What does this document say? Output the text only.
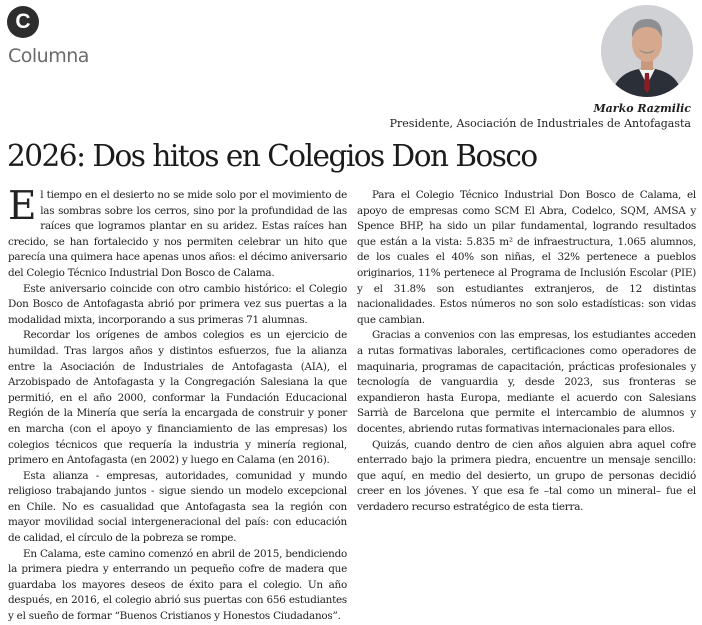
C
Columna
Marko Razmilic
Presidente, Asociación de Industriales de Antofagasta
2026: Dos hitos en Colegios Don Bosco

El tiempo en el desierto no se mide solo por el movimiento de las sombras sobre los cerros, sino por la profundidad de las raíces que logramos plantar en su aridez. Estas raíces han crecido, se han fortalecido y nos permiten celebrar un hito que parecía una quimera hace apenas unos años: el décimo aniversario del Colegio Técnico Industrial Don Bosco de Calama.

Este aniversario coincide con otro cambio histórico: el Colegio Don Bosco de Antofagasta abrió por primera vez sus puertas a la modalidad mixta, incorporando a sus primeras 71 alumnas.

Recordar los orígenes de ambos colegios es un ejercicio de humildad. Tras largos años y distintos esfuerzos, fue la alianza entre la Asociación de Industriales de Antofagasta (AIA), el Arzobispado de Antofagasta y la Congregación Salesiana la que permitió, en el año 2000, conformar la Fundación Educacional Región de la Minería que sería la encargada de construir y poner en marcha (con el apoyo y financiamiento de las empresas) los colegios técnicos que requería la industria y minería regional, primero en Antofagasta (en 2002) y luego en Calama (en 2016).

Esta alianza - empresas, autoridades, comunidad y mundo religioso trabajando juntos - sigue siendo un modelo excepcional en Chile. No es casualidad que Antofagasta sea la región con mayor movilidad social intergeneracional del país: con educación de calidad, el círculo de la pobreza se rompe.

En Calama, este camino comenzó en abril de 2015, bendiciendo la primera piedra y enterrando un pequeño cofre de madera que guardaba los mayores deseos de éxito para el colegio. Un año después, en 2016, el colegio abrió sus puertas con 656 estudiantes y el sueño de formar “Buenos Cristianos y Honestos Ciudadanos”.

Para el Colegio Técnico Industrial Don Bosco de Calama, el apoyo de empresas como SCM El Abra, Codelco, SQM, AMSA y Spence BHP, ha sido un pilar fundamental, logrando resultados que están a la vista: 5.835 m² de infraestructura, 1.065 alumnos, de los cuales el 40% son niñas, el 32% pertenece a pueblos originarios, 11% pertenece al Programa de Inclusión Escolar (PIE) y el 31.8% son estudiantes extranjeros, de 12 distintas nacionalidades. Estos números no son solo estadísticas: son vidas que cambian.

Gracias a convenios con las empresas, los estudiantes acceden a rutas formativas laborales, certificaciones como operadores de maquinaria, programas de capacitación, prácticas profesionales y tecnología de vanguardia y, desde 2023, sus fronteras se expandieron hasta Europa, mediante el acuerdo con Salesians Sarrià de Barcelona que permite el intercambio de alumnos y docentes, abriendo rutas formativas internacionales para ellos.

Quizás, cuando dentro de cien años alguien abra aquel cofre enterrado bajo la primera piedra, encuentre un mensaje sencillo: que aquí, en medio del desierto, un grupo de personas decidió creer en los jóvenes. Y que esa fe –tal como un mineral– fue el verdadero recurso estratégico de esta tierra.
